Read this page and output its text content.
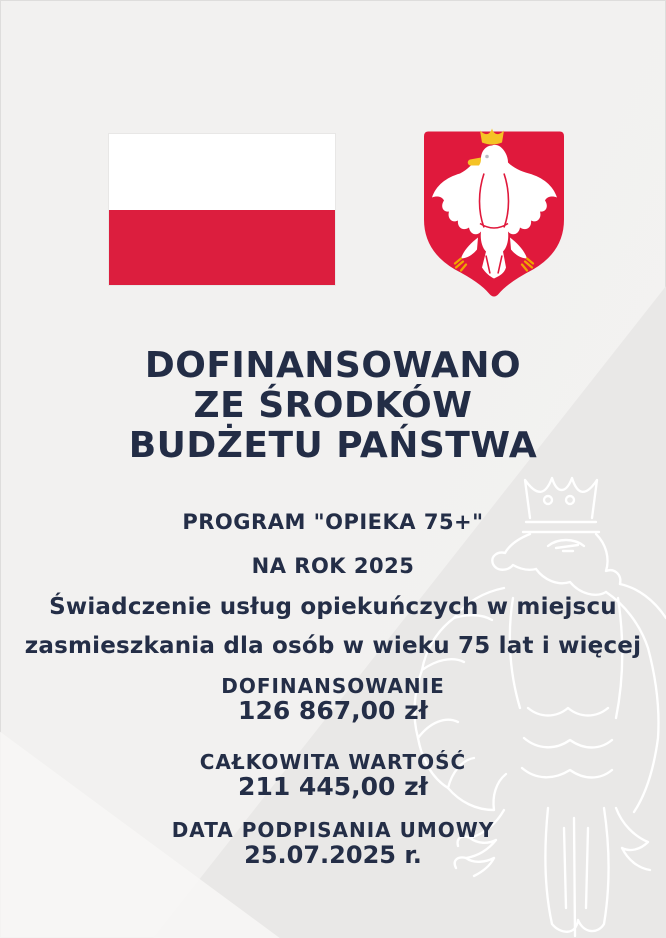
DOFINANSOWANO
ZE ŚRODKÓW
BUDŻETU PAŃSTWA
PROGRAM "OPIEKA 75+"
NA ROK 2025
Świadczenie usług opiekuńczych w miejscu
zasmieszkania dla osób w wieku 75 lat i więcej
DOFINANSOWANIE
126 867,00 zł
CAŁKOWITA WARTOŚĆ
211 445,00 zł
DATA PODPISANIA UMOWY
25.07.2025 r.
